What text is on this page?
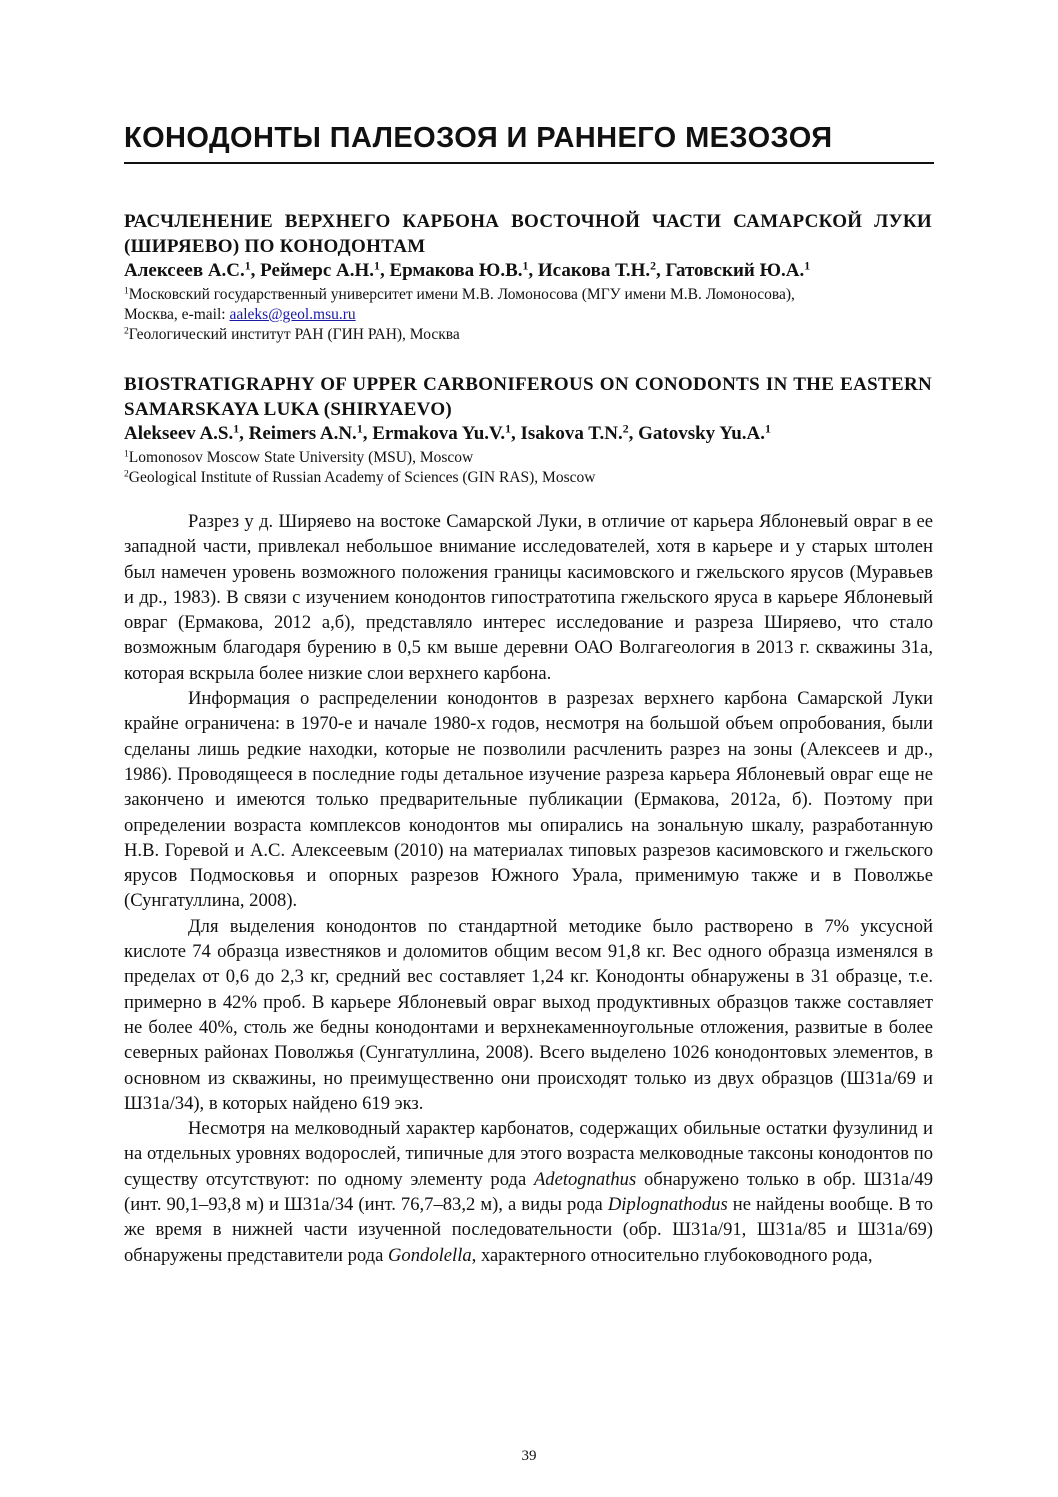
КОНОДОНТЫ ПАЛЕОЗОЯ И РАННЕГО МЕЗОЗОЯ

РАСЧЛЕНЕНИЕ ВЕРХНЕГО КАРБОНА ВОСТОЧНОЙ ЧАСТИ САМАРСКОЙ ЛУКИ (ШИРЯЕВО) ПО КОНОДОНТАМ

Алексеев А.С.$^1$, Реймерс А.Н.$^1$, Ермакова Ю.В.$^1$, Исакова Т.Н.$^2$, Гатовский Ю.А.$^1$

$^1$Московский государственный университет имени М.В. Ломоносова (МГУ имени М.В. Ломоносова),

Москва, e-mail: aaleks@geol.msu.ru

$^2$Геологический институт РАН (ГИН РАН), Москва

BIOSTRATIGRAPHY OF UPPER CARBONIFEROUS ON CONODONTS IN THE EASTERN SAMARSKAYA LUKA (SHIRYAEVO)

Alekseev A.S.$^1$, Reimers A.N.$^1$, Ermakova Yu.V.$^1$, Isakova T.N.$^2$, Gatovsky Yu.A.$^1$

$^1$Lomonosov Moscow State University (MSU), Moscow

$^2$Geological Institute of Russian Academy of Sciences (GIN RAS), Moscow

Разрез у д. Ширяево на востоке Самарской Луки, в отличие от карьера Яблоневый овраг в ее западной части, привлекал небольшое внимание исследователей, хотя в карьере и у старых штолен был намечен уровень возможного положения границы касимовского и гжельского ярусов (Муравьев и др., 1983). В связи с изучением конодонтов гипостратотипа гжельского яруса в карьере Яблоневый овраг (Ермакова, 2012 а,б), представляло интерес исследование и разреза Ширяево, что стало возможным благодаря бурению в 0,5 км выше деревни ОАО Волгагеология в 2013 г. скважины 31а, которая вскрыла более низкие слои верхнего карбона.

Информация о распределении конодонтов в разрезах верхнего карбона Самарской Луки крайне ограничена: в 1970-е и начале 1980-х годов, несмотря на большой объем опробования, были сделаны лишь редкие находки, которые не позволили расчленить разрез на зоны (Алексеев и др., 1986). Проводящееся в последние годы детальное изучение разреза карьера Яблоневый овраг еще не закончено и имеются только предварительные публикации (Ермакова, 2012а, б). Поэтому при определении возраста комплексов конодонтов мы опирались на зональную шкалу, разработанную Н.В. Горевой и А.С. Алексеевым (2010) на материалах типовых разрезов касимовского и гжельского ярусов Подмосковья и опорных разрезов Южного Урала, применимую также и в Поволжье (Сунгатуллина, 2008).

Для выделения конодонтов по стандартной методике было растворено в 7% уксусной кислоте 74 образца известняков и доломитов общим весом 91,8 кг. Вес одного образца изменялся в пределах от 0,6 до 2,3 кг, средний вес составляет 1,24 кг. Конодонты обнаружены в 31 образце, т.е. примерно в 42% проб. В карьере Яблоневый овраг выход продуктивных образцов также составляет не более 40%, столь же бедны конодонтами и верхнекаменноугольные отложения, развитые в более северных районах Поволжья (Сунгатуллина, 2008). Всего выделено 1026 конодонтовых элементов, в основном из скважины, но преимущественно они происходят только из двух образцов (Ш31а/69 и Ш31а/34), в которых найдено 619 экз.

Несмотря на мелководный характер карбонатов, содержащих обильные остатки фузулинид и на отдельных уровнях водорослей, типичные для этого возраста мелководные таксоны конодонтов по существу отсутствуют: по одному элементу рода Adetognathus обнаружено только в обр. Ш31а/49 (инт. 90,1–93,8 м) и Ш31а/34 (инт. 76,7–83,2 м), а виды рода Diplognathodus не найдены вообще. В то же время в нижней части изученной последовательности (обр. Ш31а/91, Ш31а/85 и Ш31а/69) обнаружены представители рода Gondolella, характерного относительно глубоководного рода,

39
